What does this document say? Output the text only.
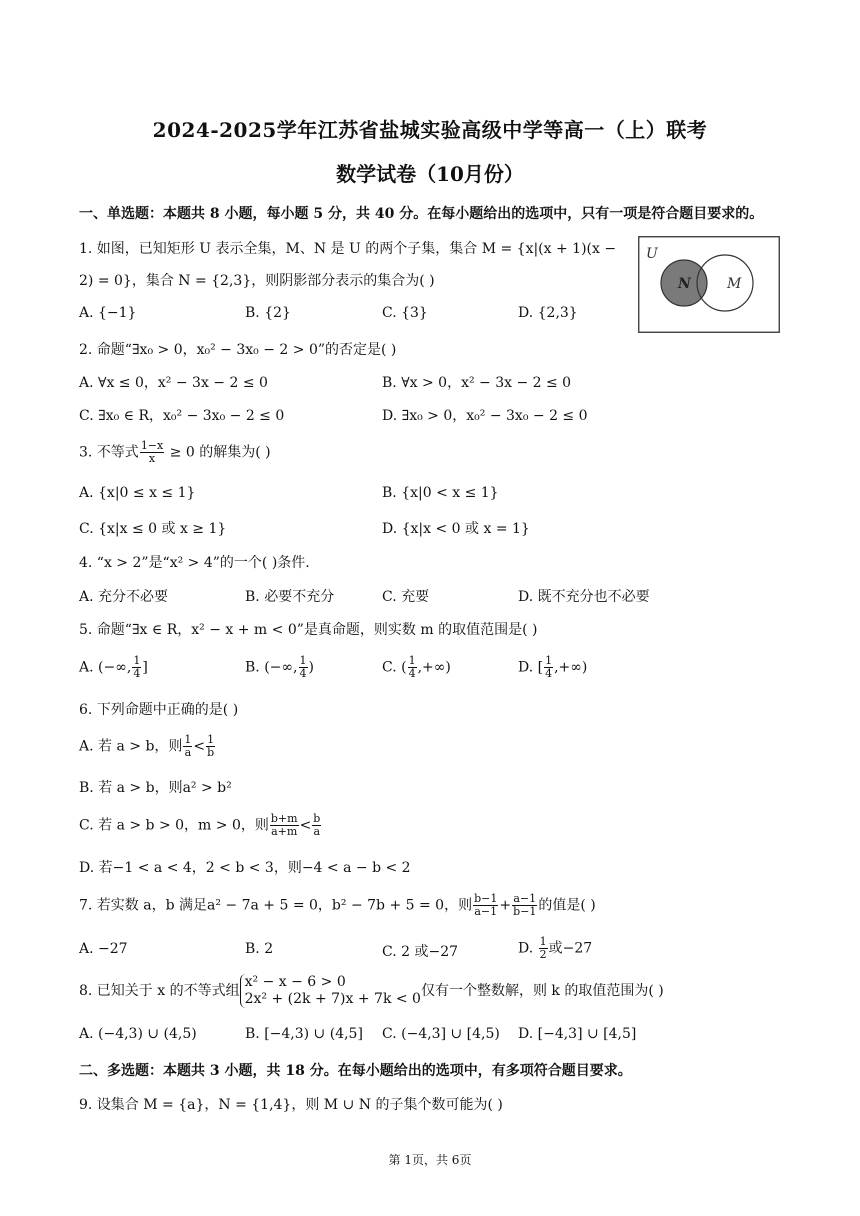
2024-2025学年江苏省盐城实验高级中学等高一（上）联考
数学试卷（10月份）
一、单选题：本题共 8 小题，每小题 5 分，共 40 分。在每小题给出的选项中，只有一项是符合题目要求的。
1. 如图，已知矩形 U 表示全集，M、N 是 U 的两个子集，集合 M = {x|(x + 1)(x −
2) = 0}，集合 N = {2,3}，则阴影部分表示的集合为( )
A. {−1}	B. {2}	C. {3}	D. {2,3}
U
N	M
2. 命题“∃x₀ > 0，x₀² − 3x₀ − 2 > 0”的否定是( )
A. ∀x ≤ 0，x² − 3x − 2 ≤ 0	B. ∀x > 0，x² − 3x − 2 ≤ 0
C. ∃x₀ ∈ R，x₀² − 3x₀ − 2 ≤ 0	D. ∃x₀ > 0，x₀² − 3x₀ − 2 ≤ 0
3. 不等式 $\frac{1-x}{x} \ge 0$ 的解集为( )
A. {x|0 ≤ x ≤ 1}	B. {x|0 < x ≤ 1}
C. {x|x ≤ 0 或 x ≥ 1}	D. {x|x < 0 或 x = 1}
4. “x > 2”是“x² > 4”的一个( )条件.
A. 充分不必要	B. 必要不充分	C. 充要	D. 既不充分也不必要
5. 命题“∃x ∈ R，x² − x + m < 0”是真命题，则实数 m 的取值范围是( )
A. (−∞, $\frac{1}{4}$ ]	B. (−∞, $\frac{1}{4}$ )	C. ( $\frac{1}{4}$ ,+∞)	D. [ $\frac{1}{4}$ ,+∞)
6. 下列命题中正确的是( )
A. 若 a > b，则 $\frac{1}{a} < \frac{1}{b}$
B. 若 a > b，则a² > b²
C. 若 a > b > 0，m > 0，则 $\frac{b+m}{a+m} < \frac{b}{a}$
D. 若−1 < a < 4，2 < b < 3，则−4 < a − b < 2
7. 若实数 a，b 满足a² − 7a + 5 = 0，b² − 7b + 5 = 0，则 $\frac{b-1}{a-1} + \frac{a-1}{b-1}$ 的值是( )
A. −27	B. 2	C. 2 或−27	D. $\frac{1}{2}$ 或−27
8. 已知关于 x 的不等式组
x² − x − 6 > 0
2x² + (2k + 7)x + 7k < 0 仅有一个整数解，则 k 的取值范围为( )
A. (−4,3) ∪ (4,5)	B. [−4,3) ∪ (4,5] C. (−4,3] ∪ [4,5) D. [−4,3] ∪ [4,5]
二、多选题：本题共 3 小题，共 18 分。在每小题给出的选项中，有多项符合题目要求。
9. 设集合 M = {a}，N = {1,4}，则 M ∪ N 的子集个数可能为( )
第 1页，共 6页
